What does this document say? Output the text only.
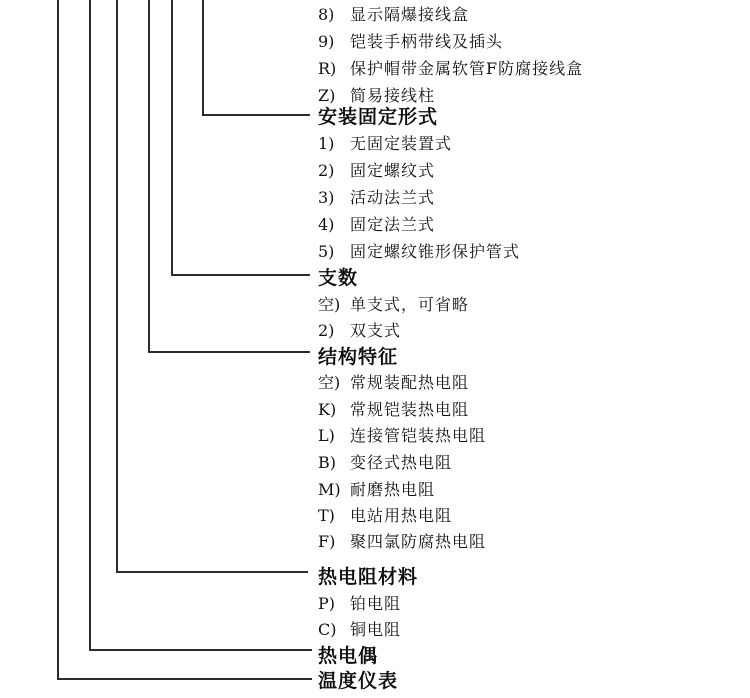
8) 显示隔爆接线盒
9) 铠装手柄带线及插头
R) 保护帽带金属软管F防腐接线盒
Z) 简易接线柱
安装固定形式
1) 无固定装置式
2) 固定螺纹式
3) 活动法兰式
4) 固定法兰式
5) 固定螺纹锥形保护管式
支数
空) 单支式，可省略
2) 双支式
结构特征
空) 常规装配热电阻
K) 常规铠装热电阻
L) 连接管铠装热电阻
B) 变径式热电阻
M) 耐磨热电阻
T) 电站用热电阻
F) 聚四氯防腐热电阻
热电阻材料
P) 铂电阻
C) 铜电阻
热电偶
温度仪表
